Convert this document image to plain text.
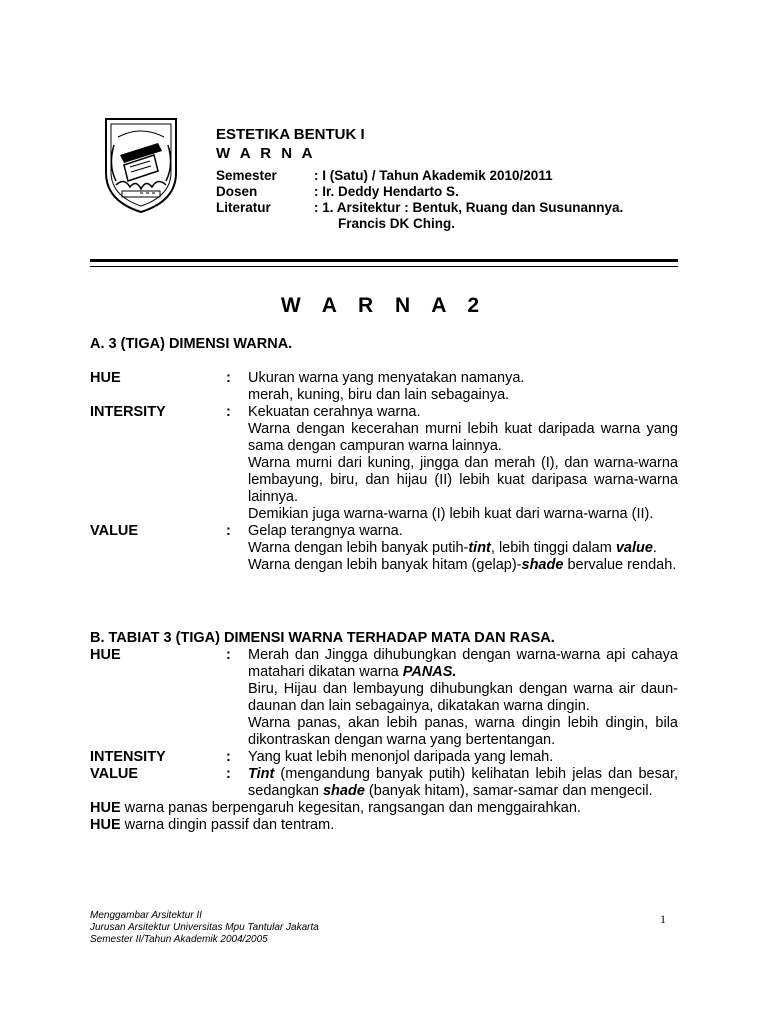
ESTETIKA BENTUK I
W A R N A
Semester	: I (Satu) / Tahun Akademik 2010/2011
Dosen	: Ir. Deddy Hendarto S.
Literatur	: 1. Arsitektur : Bentuk, Ruang dan Susunannya.
Francis DK Ching.
W A R N A 2
A. 3 (TIGA) DIMENSI WARNA.
HUE	:	Ukuran warna yang menyatakan namanya.

merah, kuning, biru dan lain sebagainya.

INTERSITY	:	Kekuatan cerahnya warna.

Warna dengan kecerahan murni lebih kuat daripada warna yang sama dengan campuran warna lainnya.

Warna murni dari kuning, jingga dan merah (I), dan warna-warna lembayung, biru, dan hijau (II) lebih kuat daripasa warna-warna lainnya.

Demikian juga warna-warna (I) lebih kuat dari warna-warna (II).

VALUE	:	Gelap terangnya warna.

Warna dengan lebih banyak putih-tint, lebih tinggi dalam value.

Warna dengan lebih banyak hitam (gelap)-shade bervalue rendah.

B. TABIAT 3 (TIGA) DIMENSI WARNA TERHADAP MATA DAN RASA.
HUE	:	Merah dan Jingga dihubungkan dengan warna-warna api cahaya matahari dikatan warna PANAS.

Biru, Hijau dan lembayung dihubungkan dengan warna air daun-daunan dan lain sebagainya, dikatakan warna dingin.

Warna panas, akan lebih panas, warna dingin lebih dingin, bila dikontraskan dengan warna yang bertentangan.

INTENSITY	:	Yang kuat lebih menonjol daripada yang lemah.

VALUE	:	Tint (mengandung banyak putih) kelihatan lebih jelas dan besar, sedangkan shade (banyak hitam), samar-samar dan mengecil.

HUE warna panas berpengaruh kegesitan, rangsangan dan menggairahkan.
HUE warna dingin passif dan tentram.
Menggambar Arsitektur II
Jurusan Arsitektur Universitas Mpu Tantular Jakarta
Semester II/Tahun Akademik 2004/2005
1
